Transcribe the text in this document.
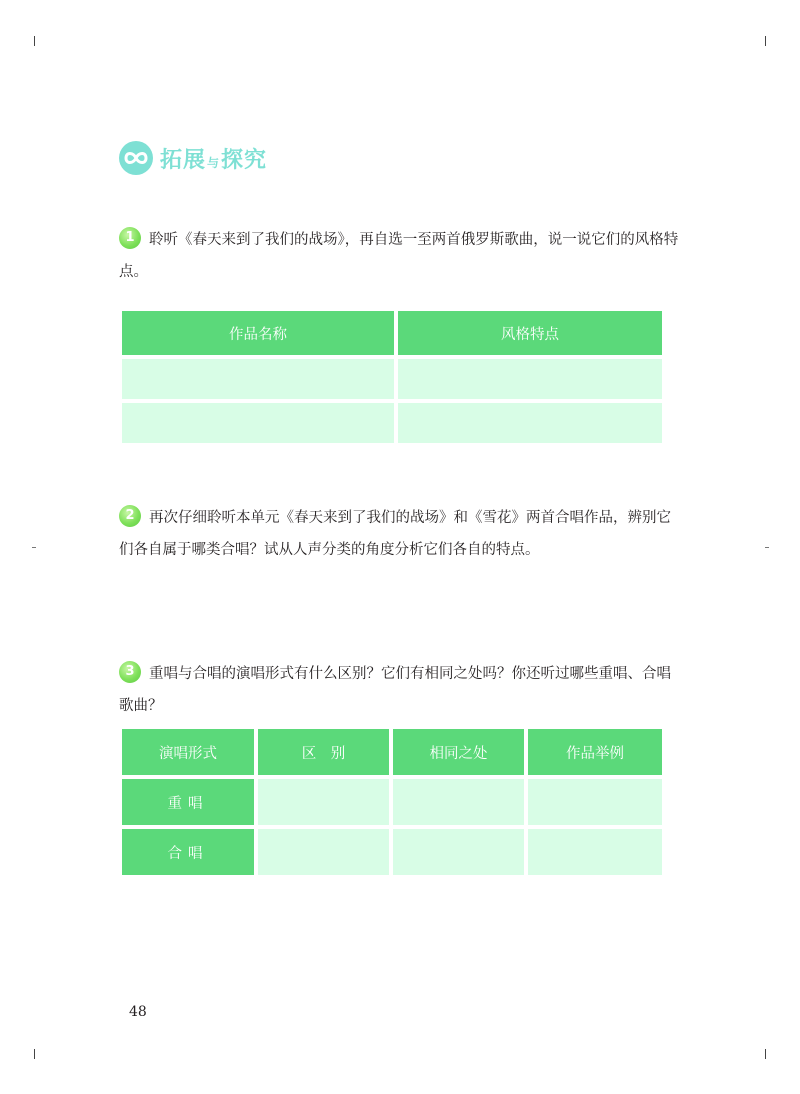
拓展 与 探究
1 聆听《春天来到了我们的战场》，再自选一至两首俄罗斯歌曲，说一说它们的风格特点。
作品名称	风格特点

2 再次仔细聆听本单元《春天来到了我们的战场》和《雪花》两首合唱作品，辨别它们各自属于哪类合唱？试从人声分类的角度分析它们各自的特点。
3 重唱与合唱的演唱形式有什么区别？它们有相同之处吗？你还听过哪些重唱、合唱歌曲？
演唱形式	区　别	相同之处	作品举例
重唱			
合唱			
48
